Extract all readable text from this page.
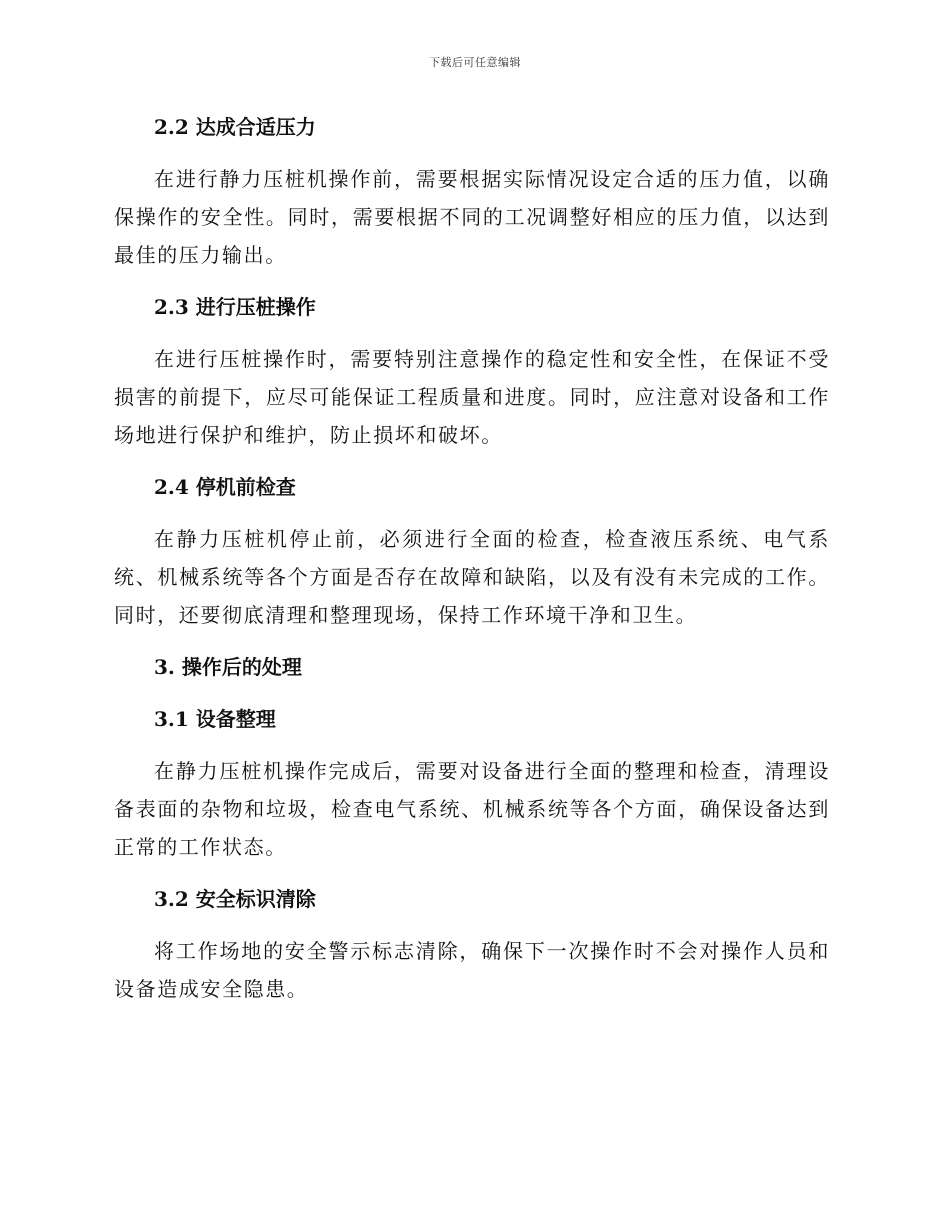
下载后可任意编辑
2.2 达成合适压力
在进行静力压桩机操作前，需要根据实际情况设定合适的压力值，以确保操作的安全性。同时，需要根据不同的工况调整好相应的压力值，以达到最佳的压力输出。
2.3 进行压桩操作
在进行压桩操作时，需要特别注意操作的稳定性和安全性，在保证不受损害的前提下，应尽可能保证工程质量和进度。同时，应注意对设备和工作场地进行保护和维护，防止损坏和破坏。
2.4 停机前检查
在静力压桩机停止前，必须进行全面的检查，检查液压系统、电气系统、机械系统等各个方面是否存在故障和缺陷，以及有没有未完成的工作。同时，还要彻底清理和整理现场，保持工作环境干净和卫生。
3. 操作后的处理
3.1 设备整理
在静力压桩机操作完成后，需要对设备进行全面的整理和检查，清理设备表面的杂物和垃圾，检查电气系统、机械系统等各个方面，确保设备达到正常的工作状态。
3.2 安全标识清除
将工作场地的安全警示标志清除，确保下一次操作时不会对操作人员和设备造成安全隐患。
